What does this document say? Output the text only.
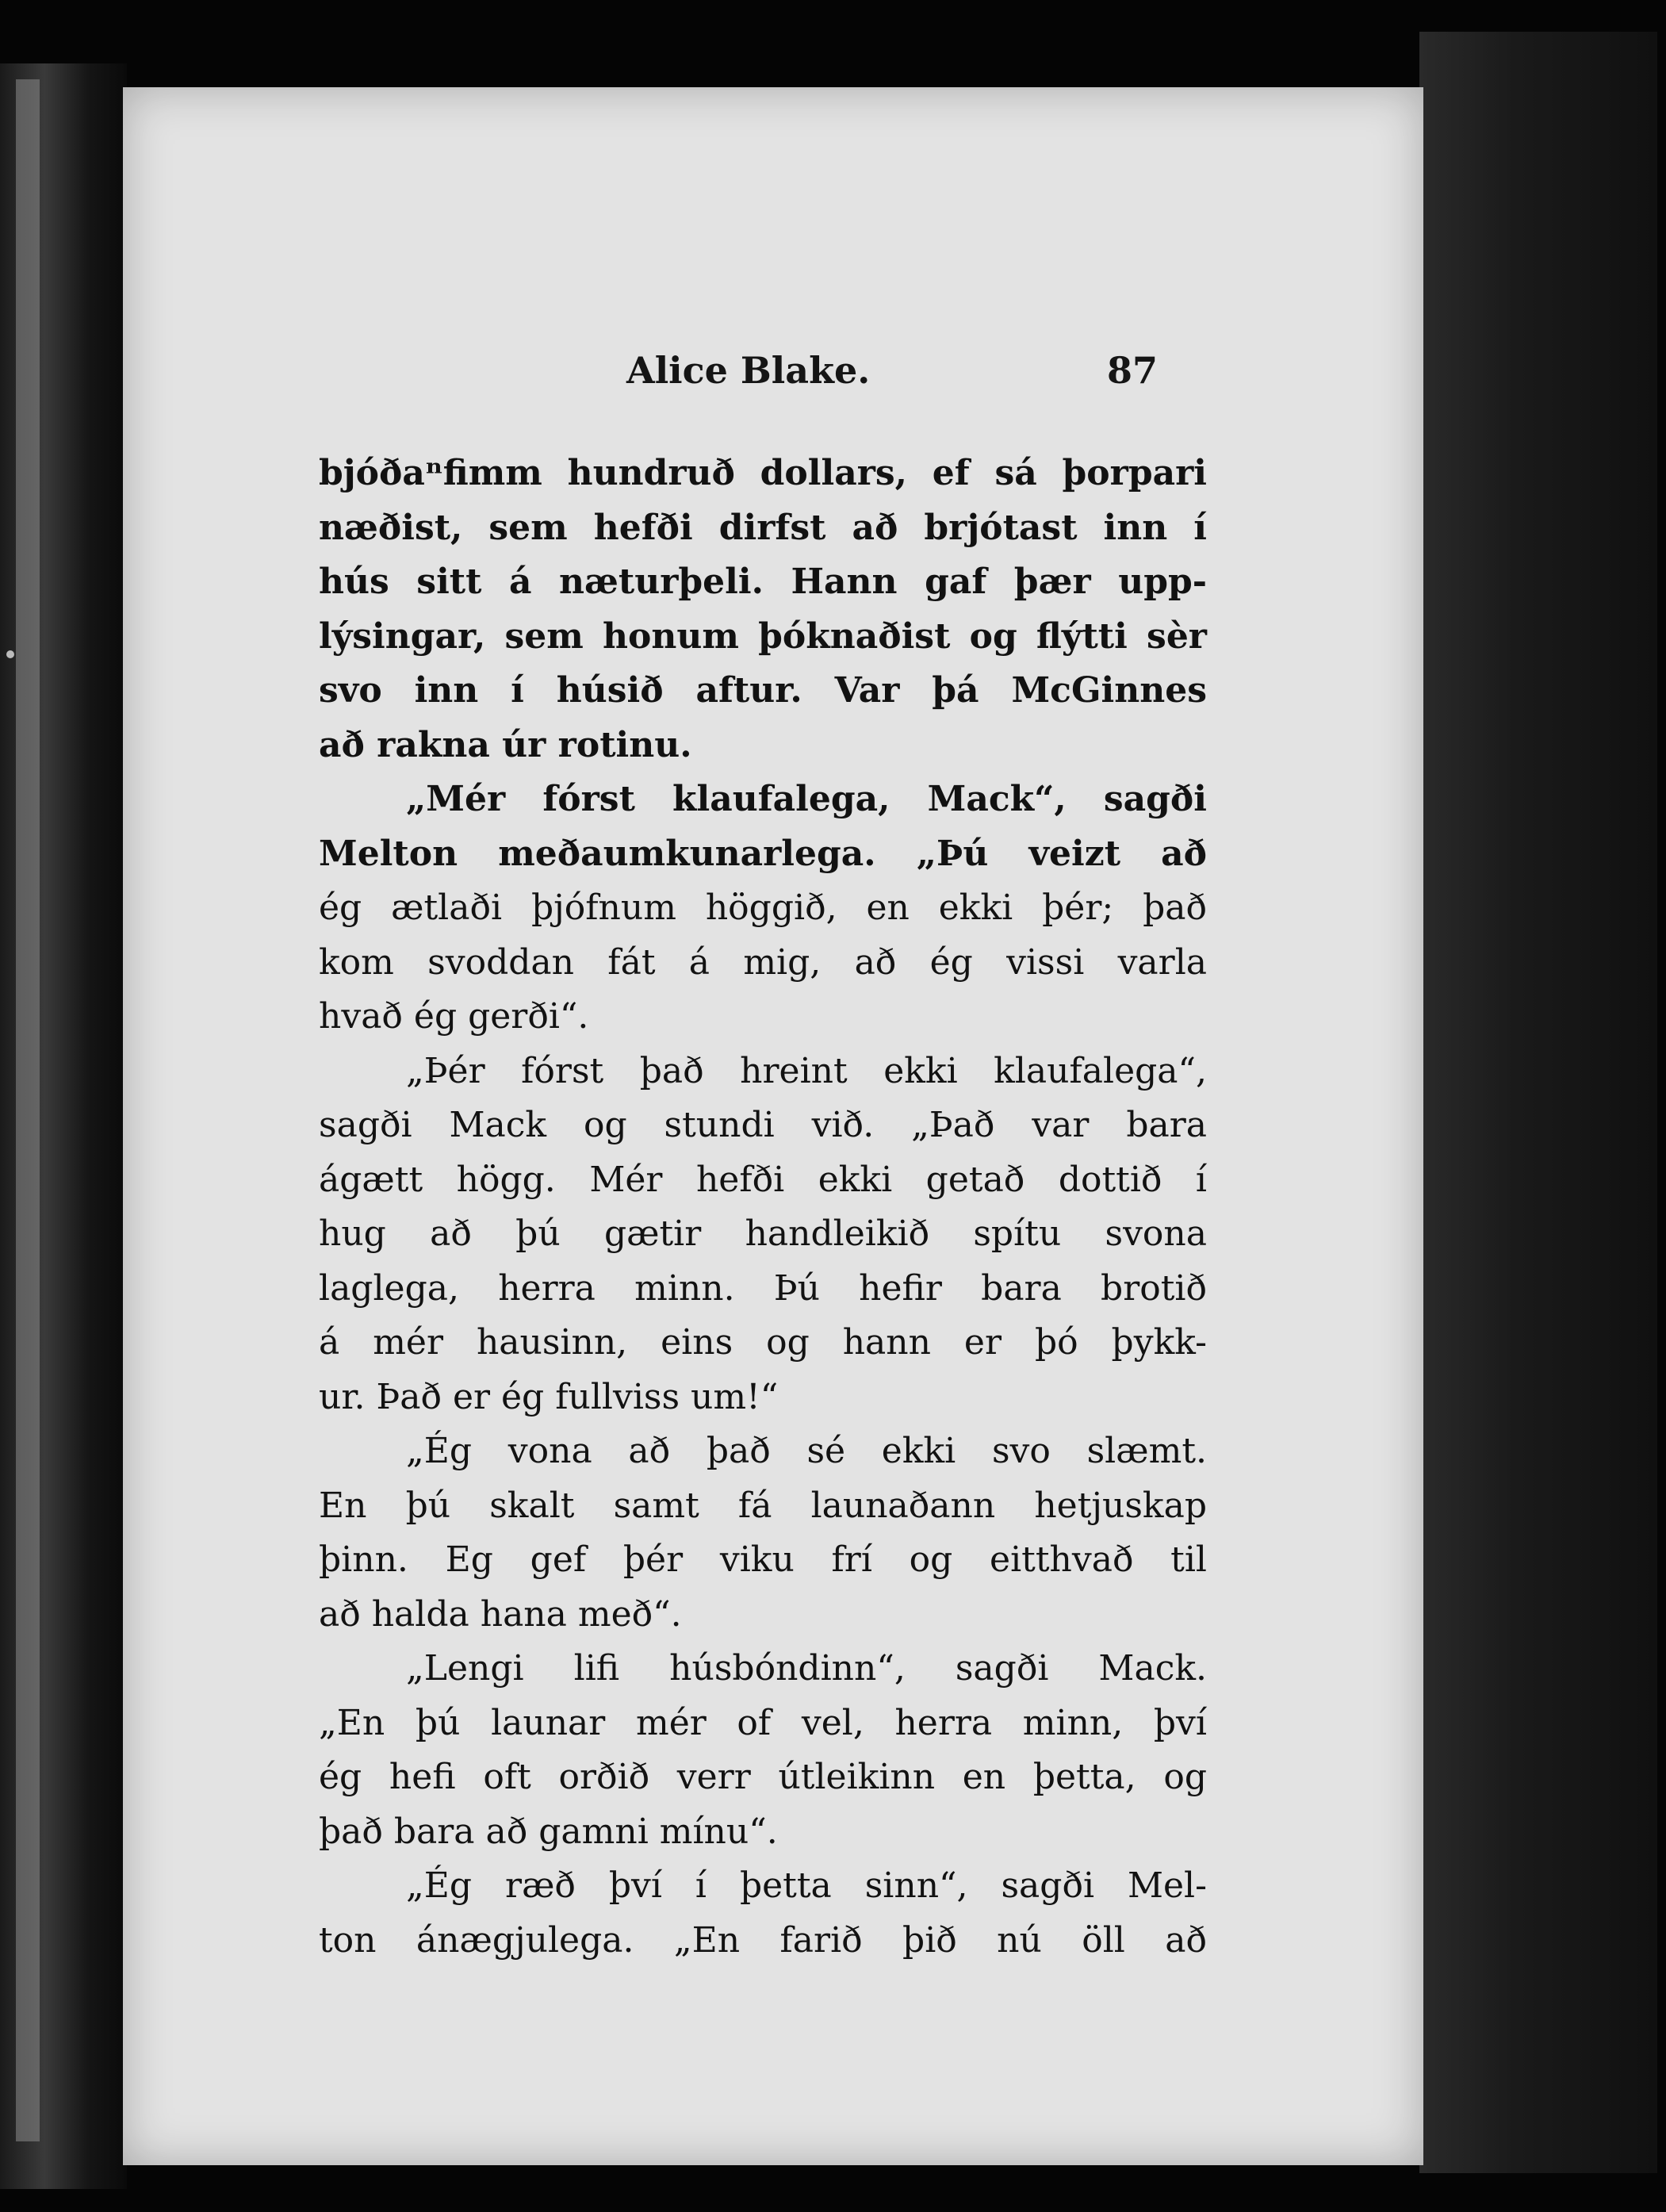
Alice Blake.	87
bjóðaⁿfimm hundruð dollars, ef sá þorpari
næðist, sem hefði dirfst að brjótast inn í
hús sitt á næturþeli. Hann gaf þær upp-
lýsingar, sem honum þóknaðist og flýtti sèr
svo inn í húsið aftur. Var þá McGinnes
að rakna úr rotinu.
„Mér fórst klaufalega, Mack“, sagði
Melton meðaumkunarlega. „Þú veizt að
ég ætlaði þjófnum höggið, en ekki þér; það
kom svoddan fát á mig, að ég vissi varla
hvað ég gerði“.
„Þér fórst það hreint ekki klaufalega“,
sagði Mack og stundi við. „Það var bara
ágætt högg. Mér hefði ekki getað dottið í
hug að þú gætir handleikið spítu svona
laglega, herra minn. Þú hefir bara brotið
á mér hausinn, eins og hann er þó þykk-
ur. Það er ég fullviss um!“
„Ég vona að það sé ekki svo slæmt.
En þú skalt samt fá launaðann hetjuskap
þinn. Eg gef þér viku frí og eitthvað til
að halda hana með“.
„Lengi lifi húsbóndinn“, sagði Mack.
„En þú launar mér of vel, herra minn, því
ég hefi oft orðið verr útleikinn en þetta, og
það bara að gamni mínu“.
„Ég ræð því í þetta sinn“, sagði Mel-
ton ánægjulega. „En farið þið nú öll að
